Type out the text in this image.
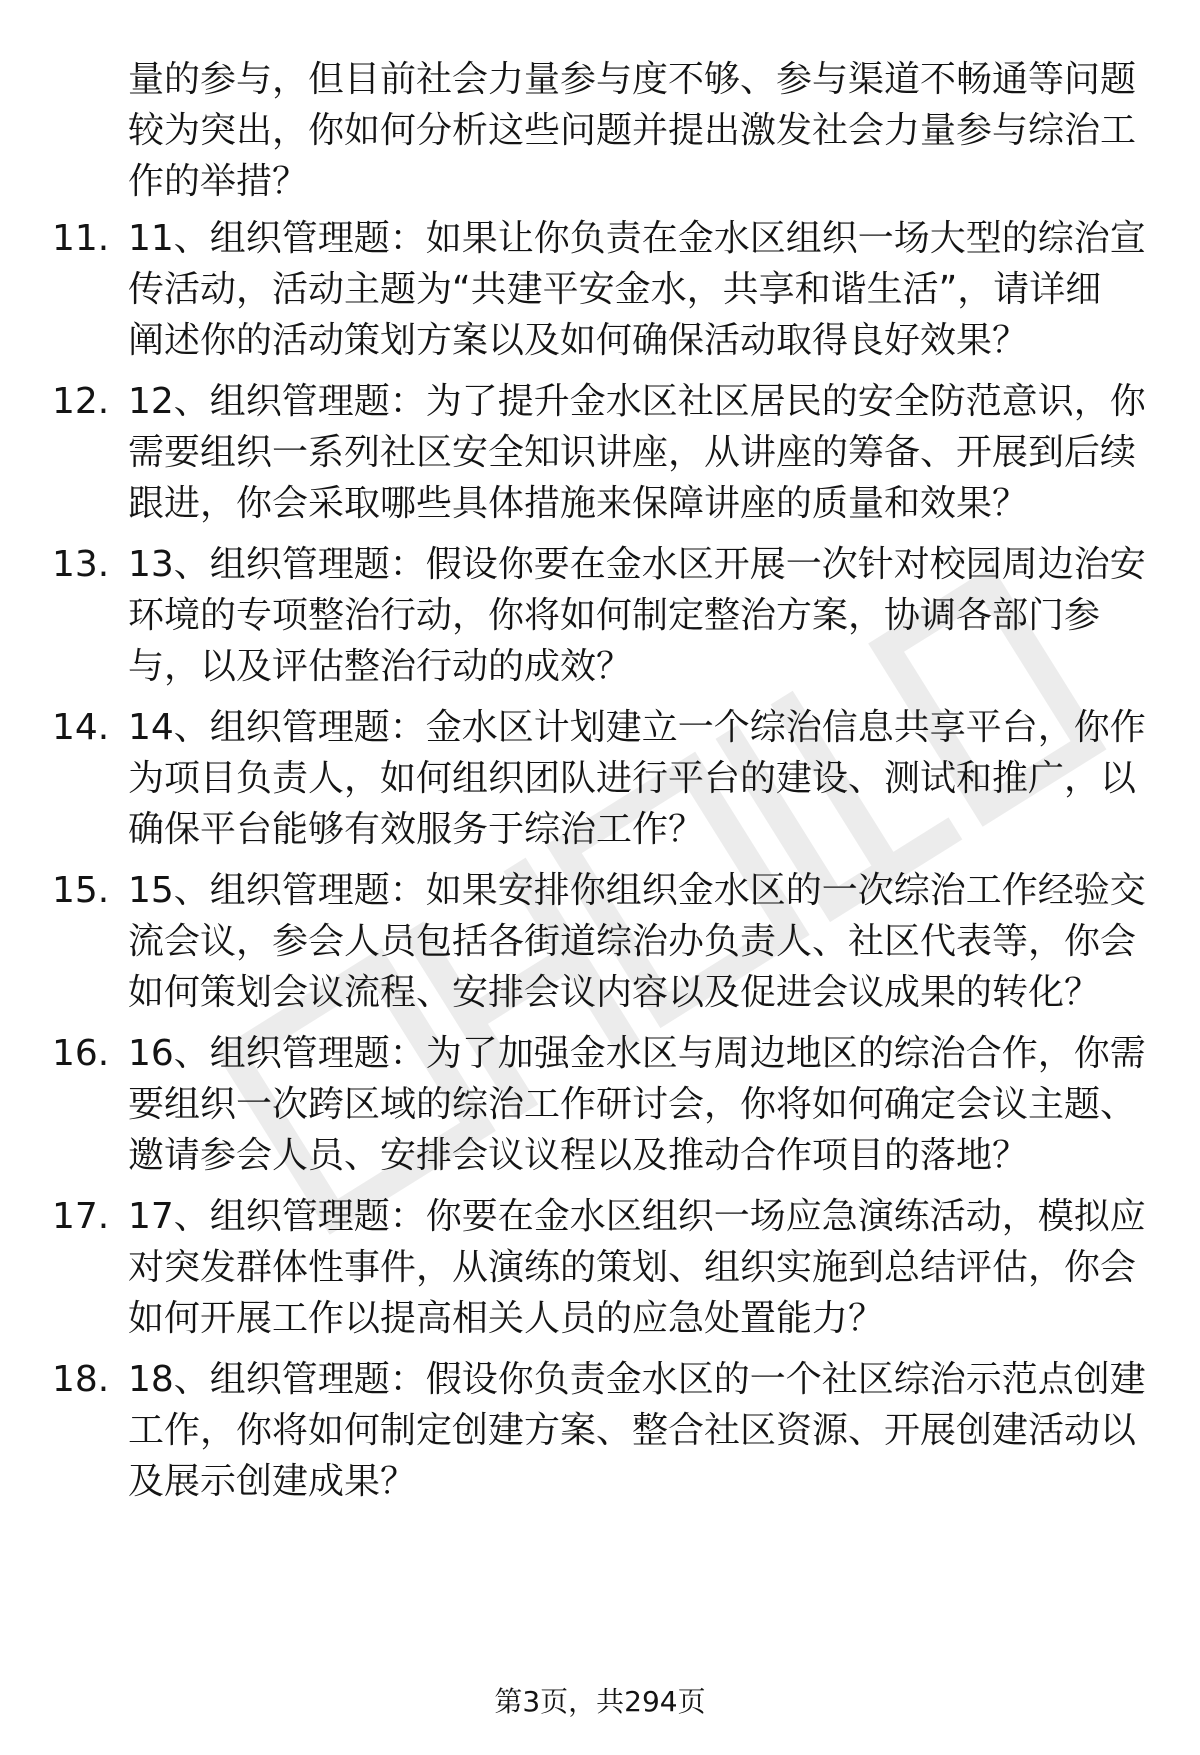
量的参与，但目前社会力量参与度不够、参与渠道不畅通等问题
较为突出，你如何分析这些问题并提出激发社会力量参与综治工
作的举措？
11. 11、组织管理题：如果让你负责在金水区组织一场大型的综治宣
传活动，活动主题为“共建平安金水，共享和谐生活”，请详细
阐述你的活动策划方案以及如何确保活动取得良好效果？
12. 12、组织管理题：为了提升金水区社区居民的安全防范意识，你
需要组织一系列社区安全知识讲座，从讲座的筹备、开展到后续
跟进，你会采取哪些具体措施来保障讲座的质量和效果？
13. 13、组织管理题：假设你要在金水区开展一次针对校园周边治安
环境的专项整治行动，你将如何制定整治方案，协调各部门参
与，以及评估整治行动的成效？
14. 14、组织管理题：金水区计划建立一个综治信息共享平台，你作
为项目负责人，如何组织团队进行平台的建设、测试和推广，以
确保平台能够有效服务于综治工作？
15. 15、组织管理题：如果安排你组织金水区的一次综治工作经验交
流会议，参会人员包括各街道综治办负责人、社区代表等，你会
如何策划会议流程、安排会议内容以及促进会议成果的转化？
16. 16、组织管理题：为了加强金水区与周边地区的综治合作，你需
要组织一次跨区域的综治工作研讨会，你将如何确定会议主题、
邀请参会人员、安排会议议程以及推动合作项目的落地？
17. 17、组织管理题：你要在金水区组织一场应急演练活动，模拟应
对突发群体性事件，从演练的策划、组织实施到总结评估，你会
如何开展工作以提高相关人员的应急处置能力？
18. 18、组织管理题：假设你负责金水区的一个社区综治示范点创建
工作，你将如何制定创建方案、整合社区资源、开展创建活动以
及展示创建成果？
第3页，共294页
